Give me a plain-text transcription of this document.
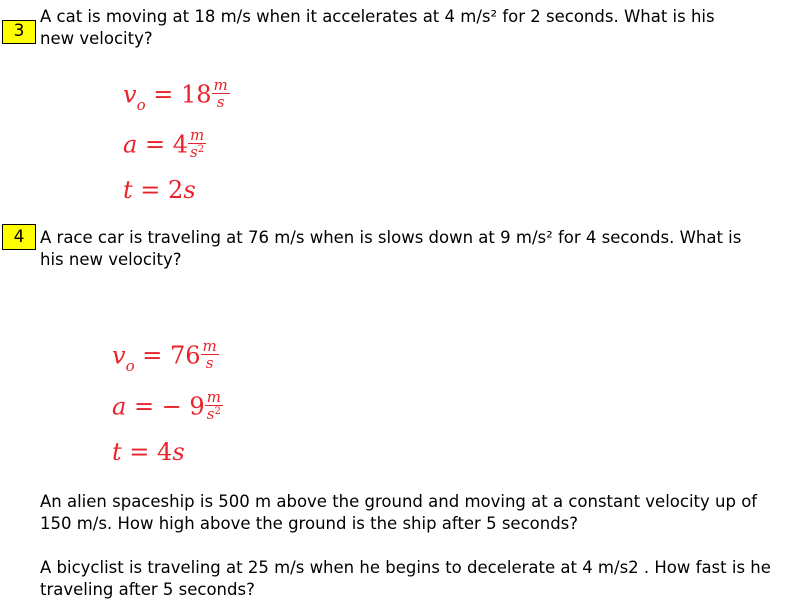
3

A cat is moving at 18 m/s when it accelerates at 4 m/s² for 2 seconds. What is his new velocity?

$v_o = 18 \frac{m}{s}$
$a = 4 \frac{m}{s^2}$
t = 2s
4 A race car is traveling at 76 m/s when is slows down at 9 m/s² for 4 seconds. What is his new velocity?

$v_o = 76 \frac{m}{s}$
a = − $9 \frac{m}{s^2}$
t = 4s

An alien spaceship is 500 m above the ground and moving at a constant velocity up of 150 m/s. How high above the ground is the ship after 5 seconds?

A bicyclist is traveling at 25 m/s when he begins to decelerate at 4 m/s2 . How fast is he traveling after 5 seconds?
